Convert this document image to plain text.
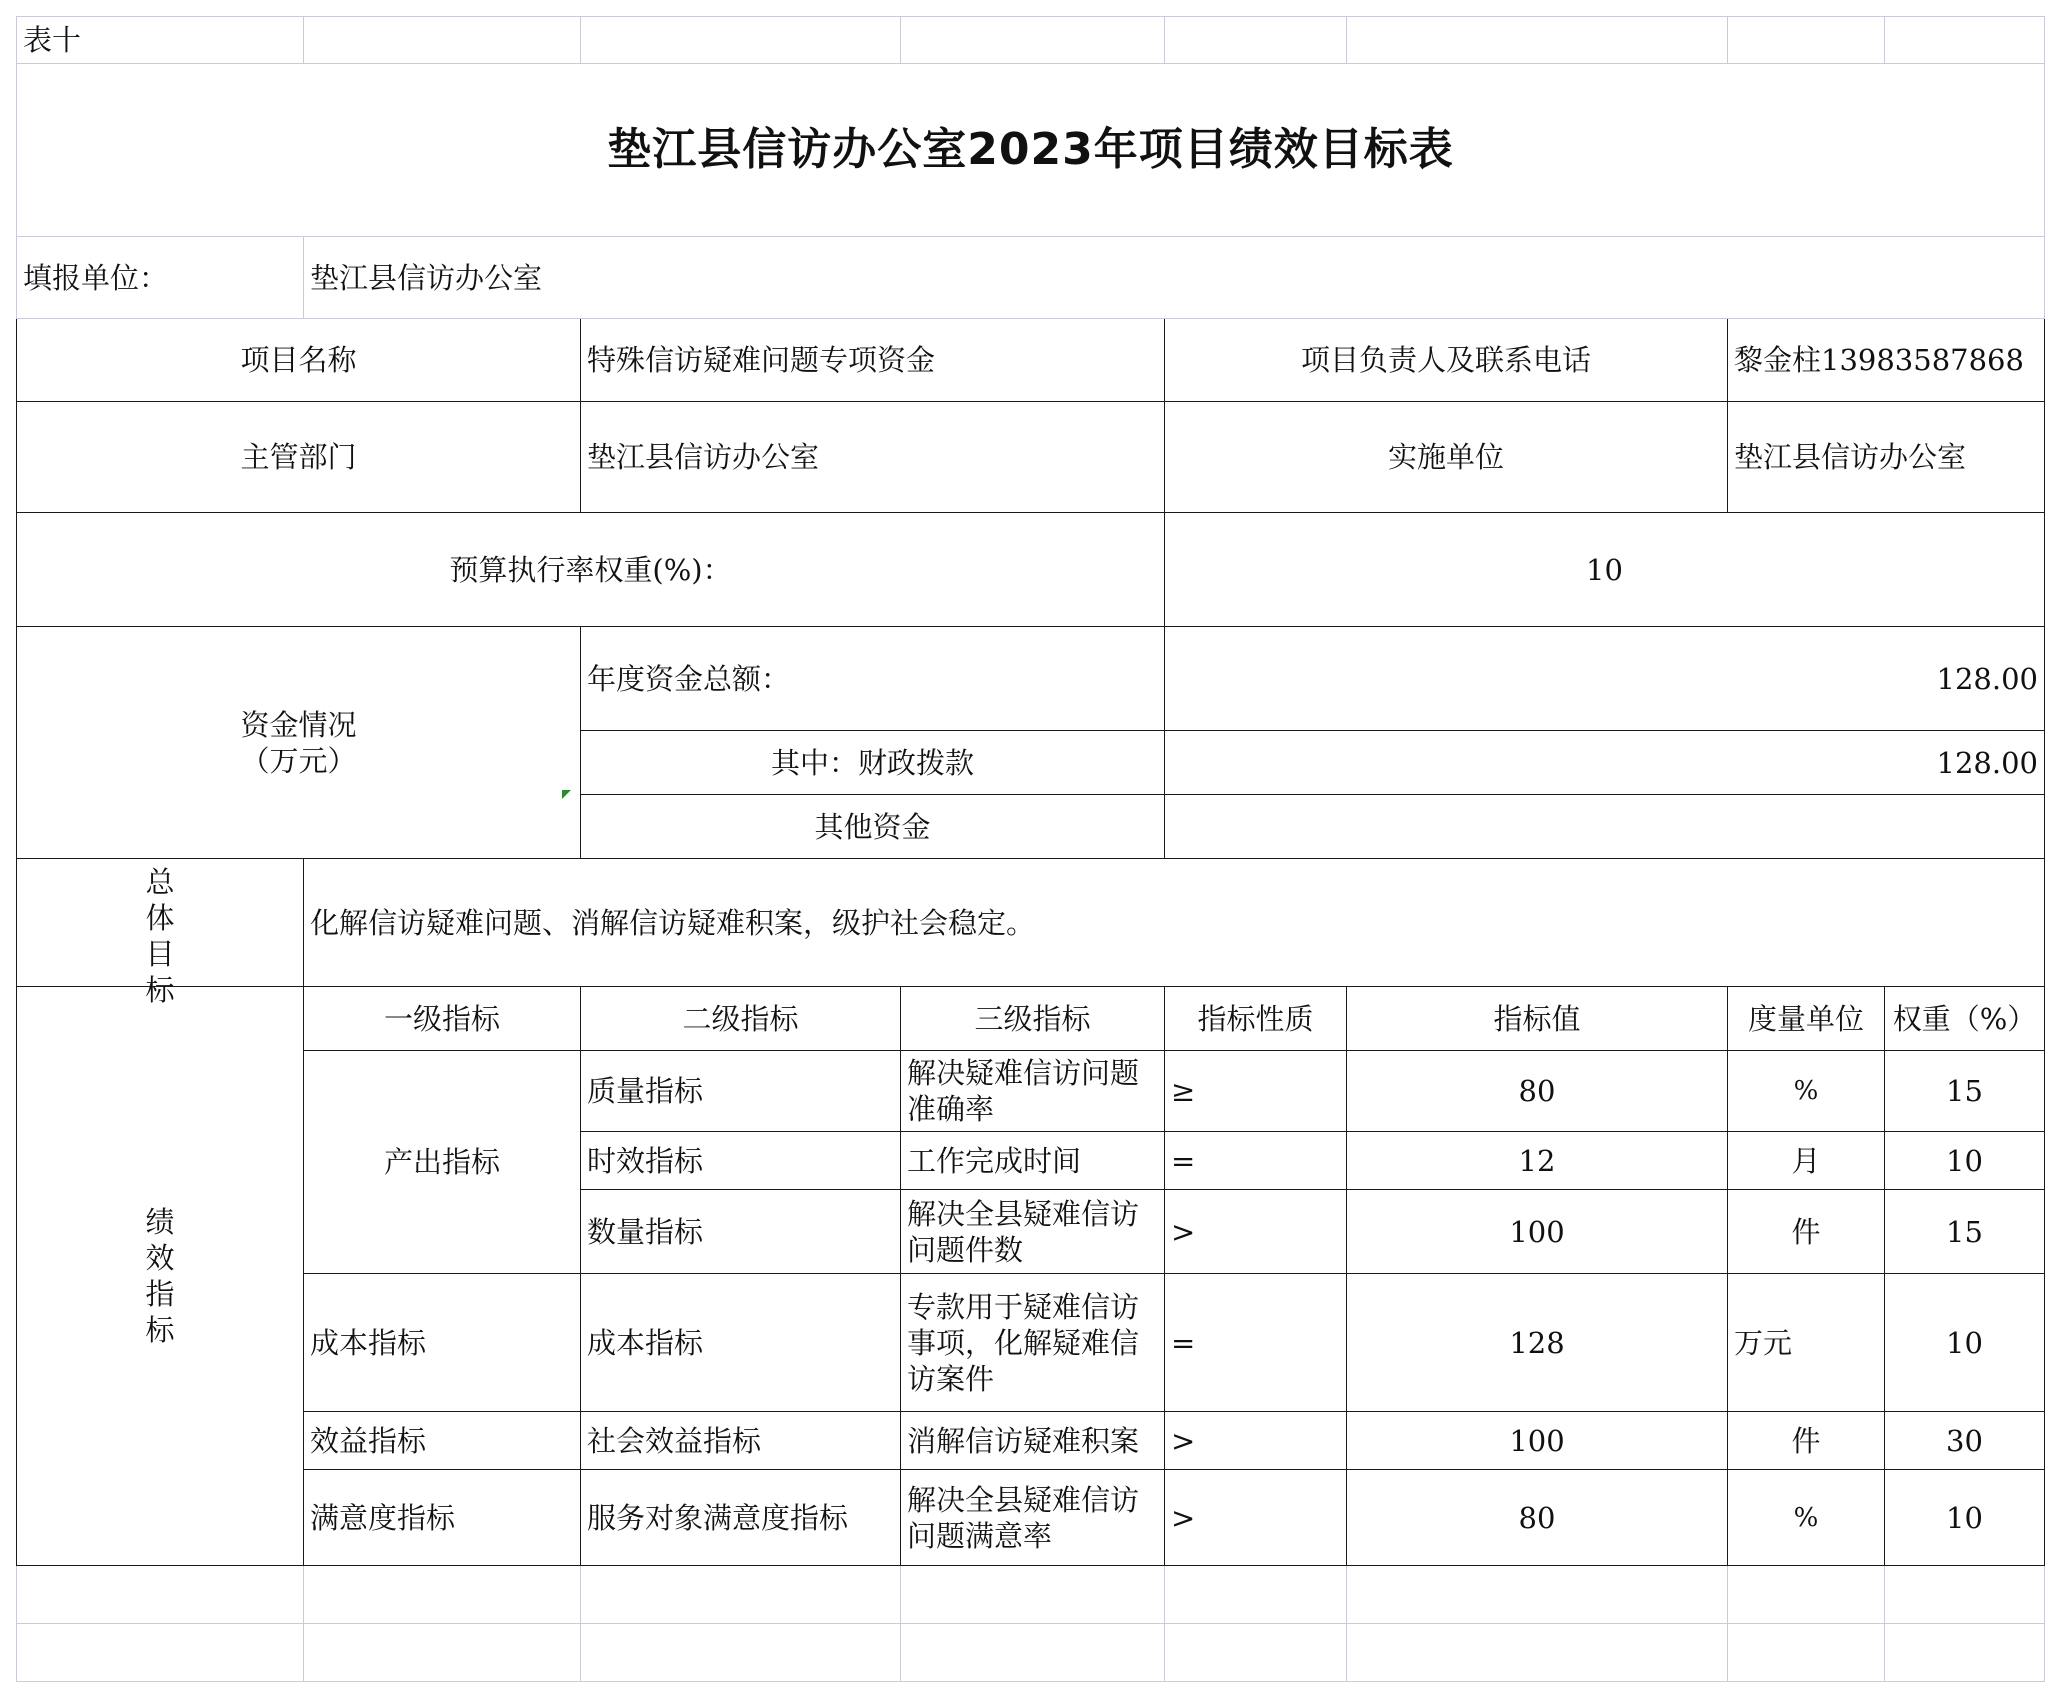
表十							
垫江县信访办公室2023年项目绩效目标表							
填报单位：	垫江县信访办公室						
项目名称		特殊信访疑难问题专项资金		项目负责人及联系电话		黎金柱13983587868	
主管部门		垫江县信访办公室		实施单位		垫江县信访办公室	
预算执行率权重(%)：				10			

资金情况
（万元）		年度资金总额：		128.00			
		其中：财政拨款		128.00			
		其他资金					

总体目标	化解信访疑难问题、消解信访疑难积案，级护社会稳定。						

绩效指标	一级指标	二级指标	三级指标	指标性质	指标值	度量单位	权重（%）
	产出指标	质量指标	解决疑难信访问题准确率	≥	80	%	15
		时效指标	工作完成时间	=	12	月	10
		数量指标	解决全县疑难信访问题件数	>	100	件	15
	成本指标	成本指标	专款用于疑难信访事项，化解疑难信访案件	=	128	万元	10
	效益指标	社会效益指标	消解信访疑难积案	>	100	件	30
	满意度指标	服务对象满意度指标	解决全县疑难信访问题满意率	>	80	%	10
